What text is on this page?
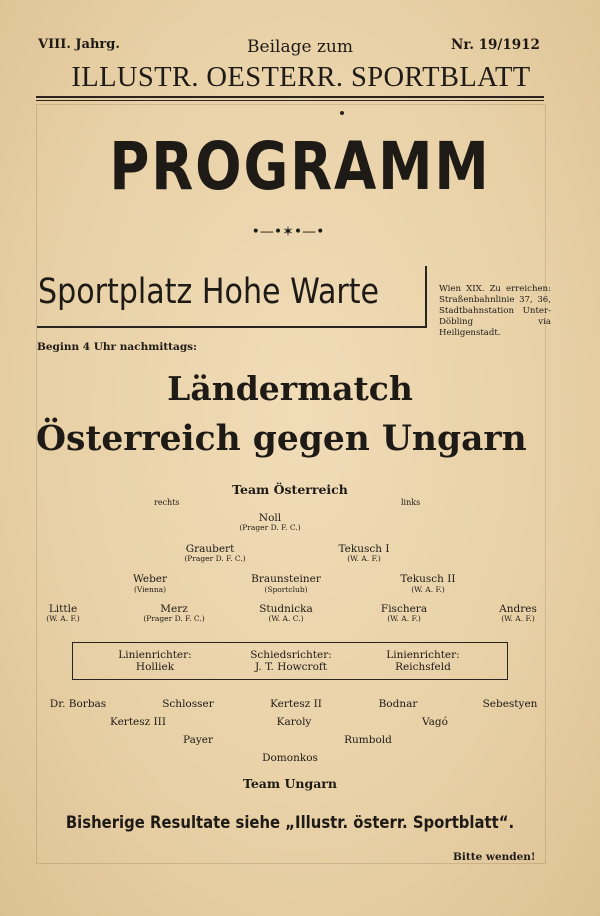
VIII. Jahrg.	Beilage zum	Nr. 19/1912
ILLUSTR. OESTERR. SPORTBLATT
PROGRAMM
•—•✶•—•
Sportplatz Hohe Warte	Wien XIX. Zu erreichen: Straßenbahnlinie 37, 36, Stadtbahnstation Unter-Döbling via Heiligenstadt.
Beginn 4 Uhr nachmittags:
Ländermatch
Österreich gegen Ungarn
Team Österreich
rechts	links
Noll
(Prager D. F. C.)
Graubert
(Prager D. F. C.)
Tekusch I
(W. A. F.)
Weber
(Vienna)
Braunsteiner
(Sportclub)
Tekusch II
(W. A. F.)
Little
(W. A. F.)
Merz
(Prager D. F. C.)
Studnicka
(W. A. C.)
Fischera
(W. A. F.)
Andres
(W. A. F.)
Linienrichter:
Holliek
Schiedsrichter:
J. T. Howcroft
Linienrichter:
Reichsfeld
Dr. Borbas	Schlosser	Kertesz II	Bodnar	Sebestyen
Kertesz III	Karoly	Vagó
Payer	Rumbold
Domonkos
Team Ungarn
Bisherige Resultate siehe „Illustr. österr. Sportblatt“.
Bitte wenden!
